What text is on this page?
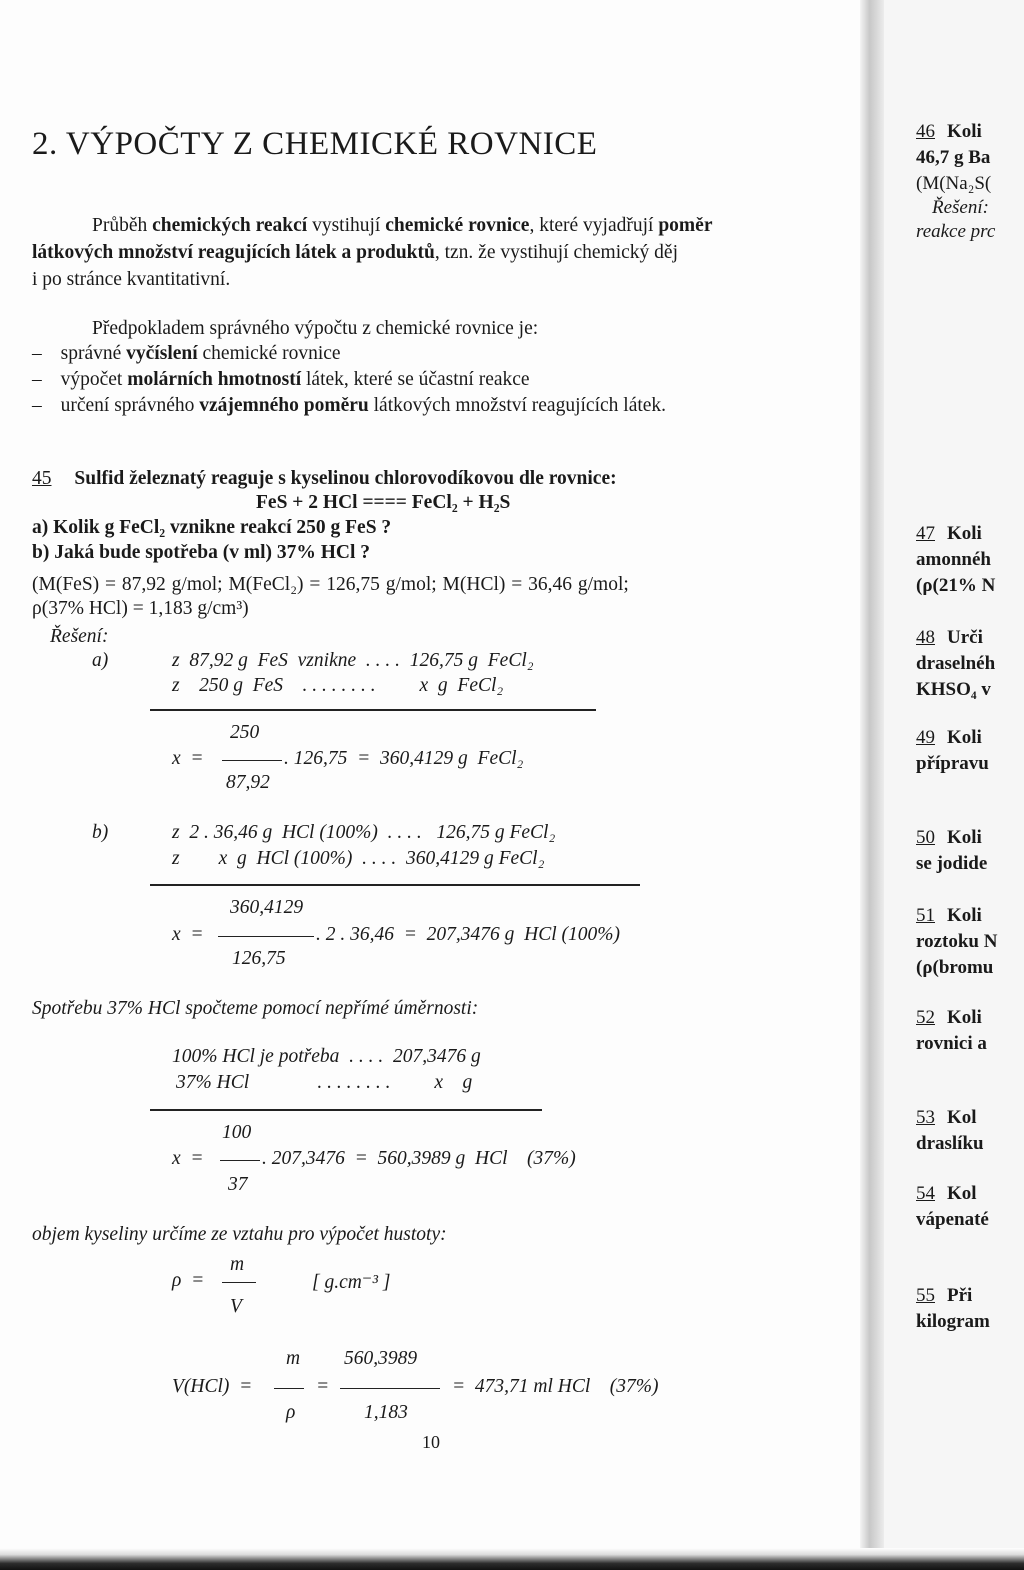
2. VÝPOČTY Z CHEMICKÉ ROVNICE
Průběh chemických reakcí vystihují chemické rovnice, které vyjadřují poměr
látkových množství reagujících látek a produktů, tzn. že vystihují chemický děj
i po stránce kvantitativní.
Předpokladem správného výpočtu z chemické rovnice je:
– správné vyčíslení chemické rovnice
– výpočet molárních hmotností látek, které se účastní reakce
– určení správného vzájemného poměru látkových množství reagujících látek.
45 Sulfid železnatý reaguje s kyselinou chlorovodíkovou dle rovnice:
FeS + 2 HCl ==== FeCl₂ + H₂S
a) Kolik g FeCl₂ vznikne reakcí 250 g FeS ?
b) Jaká bude spotřeba (v ml) 37% HCl ?
(M(FeS) = 87,92 g/mol; M(FeCl₂) = 126,75 g/mol; M(HCl) = 36,46 g/mol;
ρ(37% HCl) = 1,183 g/cm³)
Řešení:
a)	z  87,92 g  FeS  vznikne  . . . .  126,75 g  FeCl₂
z    250 g  FeS    . . . . . . . .         x  g  FeCl₂
250
x  =	. 126,75  =  360,4129 g  FeCl₂
87,92
b)	z  2 . 36,46 g  HCl (100%)  . . . .   126,75 g FeCl₂
z        x  g  HCl (100%)  . . . .  360,4129 g FeCl₂
360,4129
x  =	. 2 . 36,46  =  207,3476 g  HCl (100%)
126,75
Spotřebu 37% HCl spočteme pomocí nepřímé úměrnosti:
100% HCl je potřeba  . . . .  207,3476 g
37% HCl              . . . . . . . .         x    g
100
x  =	. 207,3476  =  560,3989 g  HCl    (37%)
37
objem kyseliny určíme ze vztahu pro výpočet hustoty:
m
ρ  =	[ g.cm⁻³ ]
V
m 560,3989
V(HCl)  =	=	=  473,71 ml HCl    (37%)
ρ	1,183
10
46 Koli
46,7 g Ba
(M(Na₂S(
Řešení:
reakce prc
47 Koli
amonnéh
(ρ(21% N
48 Urči
draselnéh
KHSO₄ v
49 Koli
přípravu
50 Koli
se jodide
51 Koli
roztoku N
(ρ(bromu
52 Koli
rovnici a
53 Kol
draslíku
54 Kol
vápenaté
55 Při
kilogram
